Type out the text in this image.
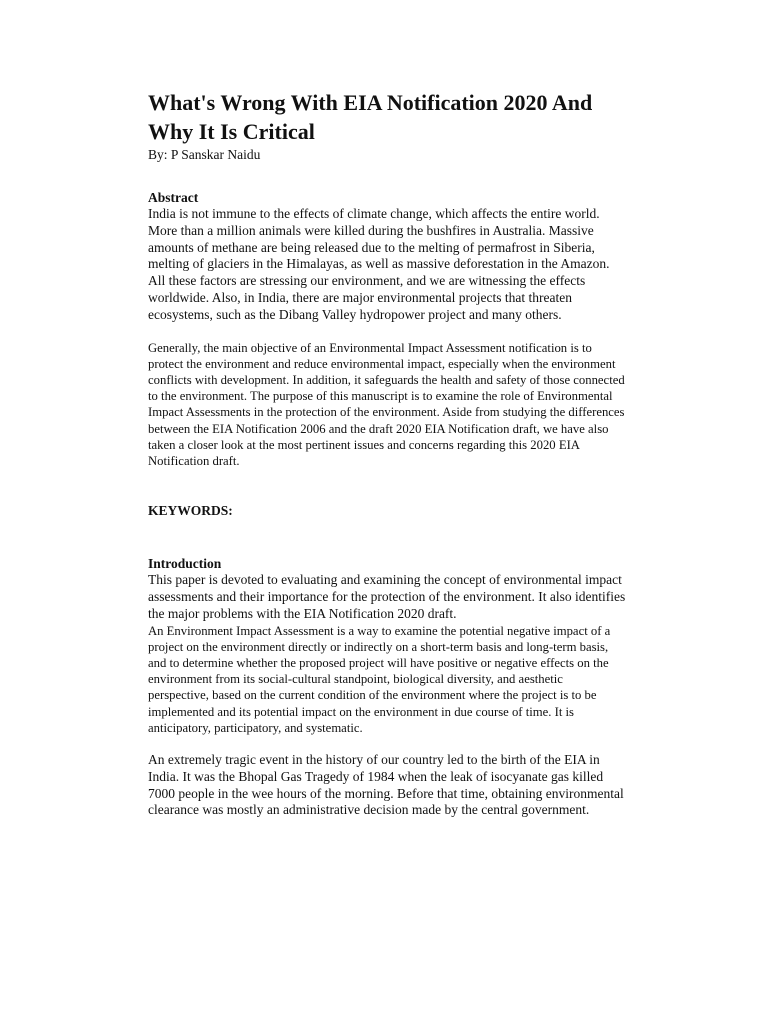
What's Wrong With EIA Notification 2020 And Why It Is Critical

By: P Sanskar Naidu

Abstract

India is not immune to the effects of climate change, which affects the entire world. More than a million animals were killed during the bushfires in Australia. Massive amounts of methane are being released due to the melting of permafrost in Siberia, melting of glaciers in the Himalayas, as well as massive deforestation in the Amazon. All these factors are stressing our environment, and we are witnessing the effects worldwide. Also, in India, there are major environmental projects that threaten ecosystems, such as the Dibang Valley hydropower project and many others.

Generally, the main objective of an Environmental Impact Assessment notification is to protect the environment and reduce environmental impact, especially when the environment conflicts with development. In addition, it safeguards the health and safety of those connected to the environment. The purpose of this manuscript is to examine the role of Environmental Impact Assessments in the protection of the environment. Aside from studying the differences between the EIA Notification 2006 and the draft 2020 EIA Notification draft, we have also taken a closer look at the most pertinent issues and concerns regarding this 2020 EIA Notification draft.

KEYWORDS:
Introduction

This paper is devoted to evaluating and examining the concept of environmental impact assessments and their importance for the protection of the environment. It also identifies the major problems with the EIA Notification 2020 draft.

An Environment Impact Assessment is a way to examine the potential negative impact of a project on the environment directly or indirectly on a short-term basis and long-term basis, and to determine whether the proposed project will have positive or negative effects on the environment from its social-cultural standpoint, biological diversity, and aesthetic perspective, based on the current condition of the environment where the project is to be implemented and its potential impact on the environment in due course of time. It is anticipatory, participatory, and systematic.

An extremely tragic event in the history of our country led to the birth of the EIA in India. It was the Bhopal Gas Tragedy of 1984 when the leak of isocyanate gas killed 7000 people in the wee hours of the morning. Before that time, obtaining environmental clearance was mostly an administrative decision made by the central government.
